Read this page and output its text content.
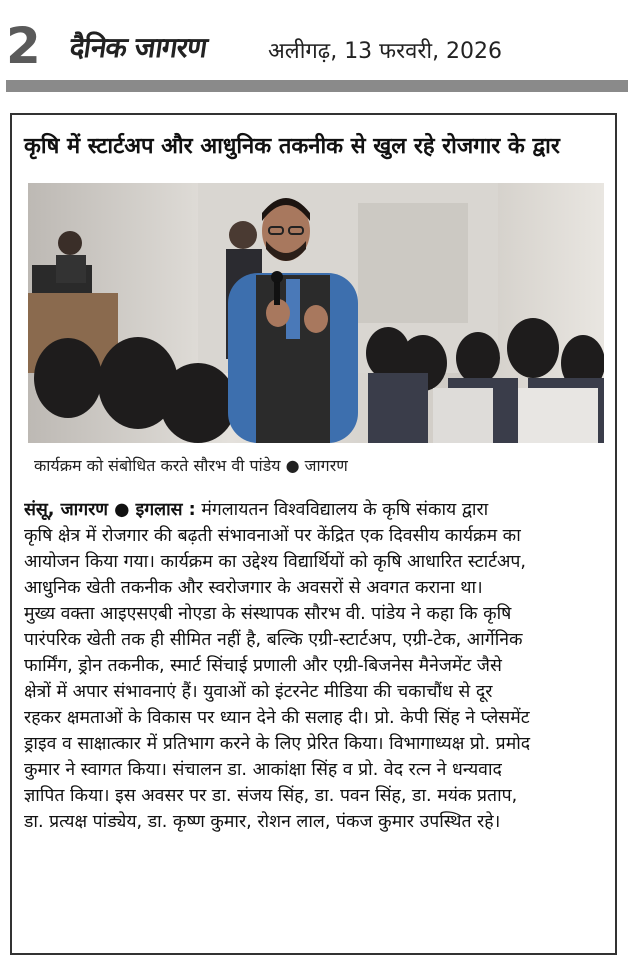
2 दैनिक जागरण	अलीगढ़, 13 फरवरी, 2026
कृषि में स्टार्टअप और आधुनिक तकनीक से खुल रहे रोजगार के द्वार
कार्यक्रम को संबोधित करते सौरभ वी पांडेय ● जागरण
संसू, जागरण ● इगलास : मंगलायतन विश्वविद्यालय के कृषि संकाय द्वारा
कृषि क्षेत्र में रोजगार की बढ़ती संभावनाओं पर केंद्रित एक दिवसीय कार्यक्रम का
आयोजन किया गया। कार्यक्रम का उद्देश्य विद्यार्थियों को कृषि आधारित स्टार्टअप,
आधुनिक खेती तकनीक और स्वरोजगार के अवसरों से अवगत कराना था।
मुख्य वक्ता आइएसएबी नोएडा के संस्थापक सौरभ वी. पांडेय ने कहा कि कृषि
पारंपरिक खेती तक ही सीमित नहीं है, बल्कि एग्री-स्टार्टअप, एग्री-टेक, आर्गेनिक
फार्मिंग, ड्रोन तकनीक, स्मार्ट सिंचाई प्रणाली और एग्री-बिजनेस मैनेजमेंट जैसे
क्षेत्रों में अपार संभावनाएं हैं। युवाओं को इंटरनेट मीडिया की चकाचौंध से दूर
रहकर क्षमताओं के विकास पर ध्यान देने की सलाह दी। प्रो. केपी सिंह ने प्लेसमेंट
ड्राइव व साक्षात्कार में प्रतिभाग करने के लिए प्रेरित किया। विभागाध्यक्ष प्रो. प्रमोद
कुमार ने स्वागत किया। संचालन डा. आकांक्षा सिंह व प्रो. वेद रत्न ने धन्यवाद
ज्ञापित किया। इस अवसर पर डा. संजय सिंह, डा. पवन सिंह, डा. मयंक प्रताप,
डा. प्रत्यक्ष पांड्येय, डा. कृष्ण कुमार, रोशन लाल, पंकज कुमार उपस्थित रहे।
